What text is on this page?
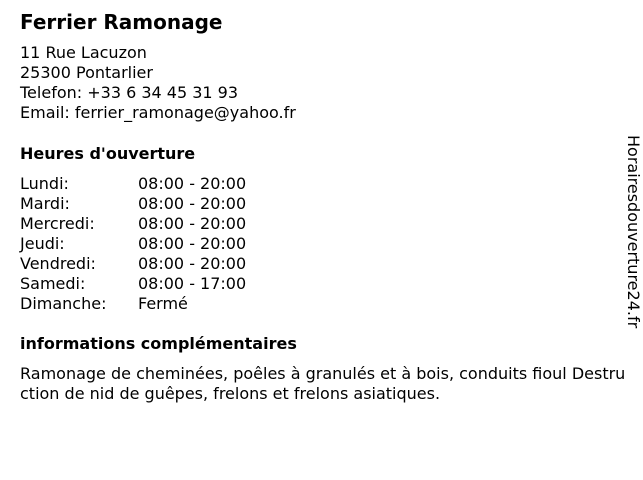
Ferrier Ramonage
11 Rue Lacuzon
25300 Pontarlier
Telefon: +33 6 34 45 31 93
Email: ferrier_ramonage@yahoo.fr
Heures d'ouverture
Lundi:	08:00 - 20:00
Mardi:	08:00 - 20:00
Mercredi:	08:00 - 20:00
Jeudi:	08:00 - 20:00
Vendredi:	08:00 - 20:00
Samedi:	08:00 - 17:00
Dimanche: Fermé
informations complémentaires
Ramonage de cheminées, poêles à granulés et à bois, conduits fioul Destruction de nid de guêpes, frelons et frelons asiatiques.
Horairesdouverture24.fr
